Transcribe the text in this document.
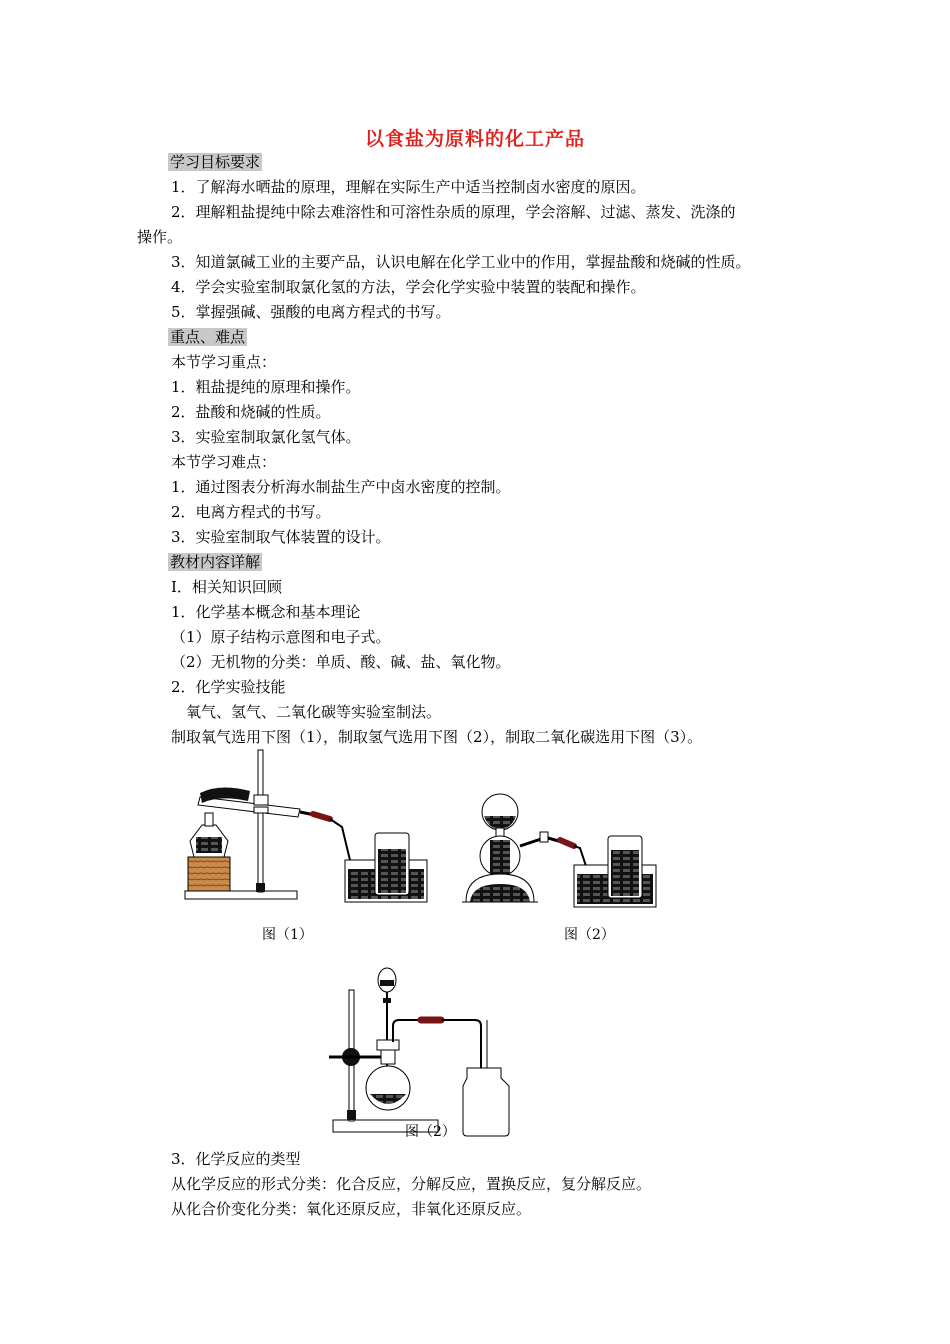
以食盐为原料的化工产品
学习目标要求
1．了解海水晒盐的原理，理解在实际生产中适当控制卤水密度的原因。
2．理解粗盐提纯中除去难溶性和可溶性杂质的原理，学会溶解、过滤、蒸发、洗涤的
操作。
3．知道氯碱工业的主要产品，认识电解在化学工业中的作用，掌握盐酸和烧碱的性质。
4．学会实验室制取氯化氢的方法，学会化学实验中装置的装配和操作。
5．掌握强碱、强酸的电离方程式的书写。
重点、难点
本节学习重点：
1．粗盐提纯的原理和操作。
2．盐酸和烧碱的性质。
3．实验室制取氯化氢气体。
本节学习难点：
1．通过图表分析海水制盐生产中卤水密度的控制。
2．电离方程式的书写。
3．实验室制取气体装置的设计。
教材内容详解
I．相关知识回顾
1．化学基本概念和基本理论
（1）原子结构示意图和电子式。
（2）无机物的分类：单质、酸、碱、盐、氧化物。
2．化学实验技能
氧气、氢气、二氧化碳等实验室制法。
制取氧气选用下图（1），制取氢气选用下图（2），制取二氧化碳选用下图（3）。
图（1）	图（2）
图（2）
3．化学反应的类型
从化学反应的形式分类：化合反应，分解反应，置换反应，复分解反应。
从化合价变化分类：氧化还原反应，非氧化还原反应。
